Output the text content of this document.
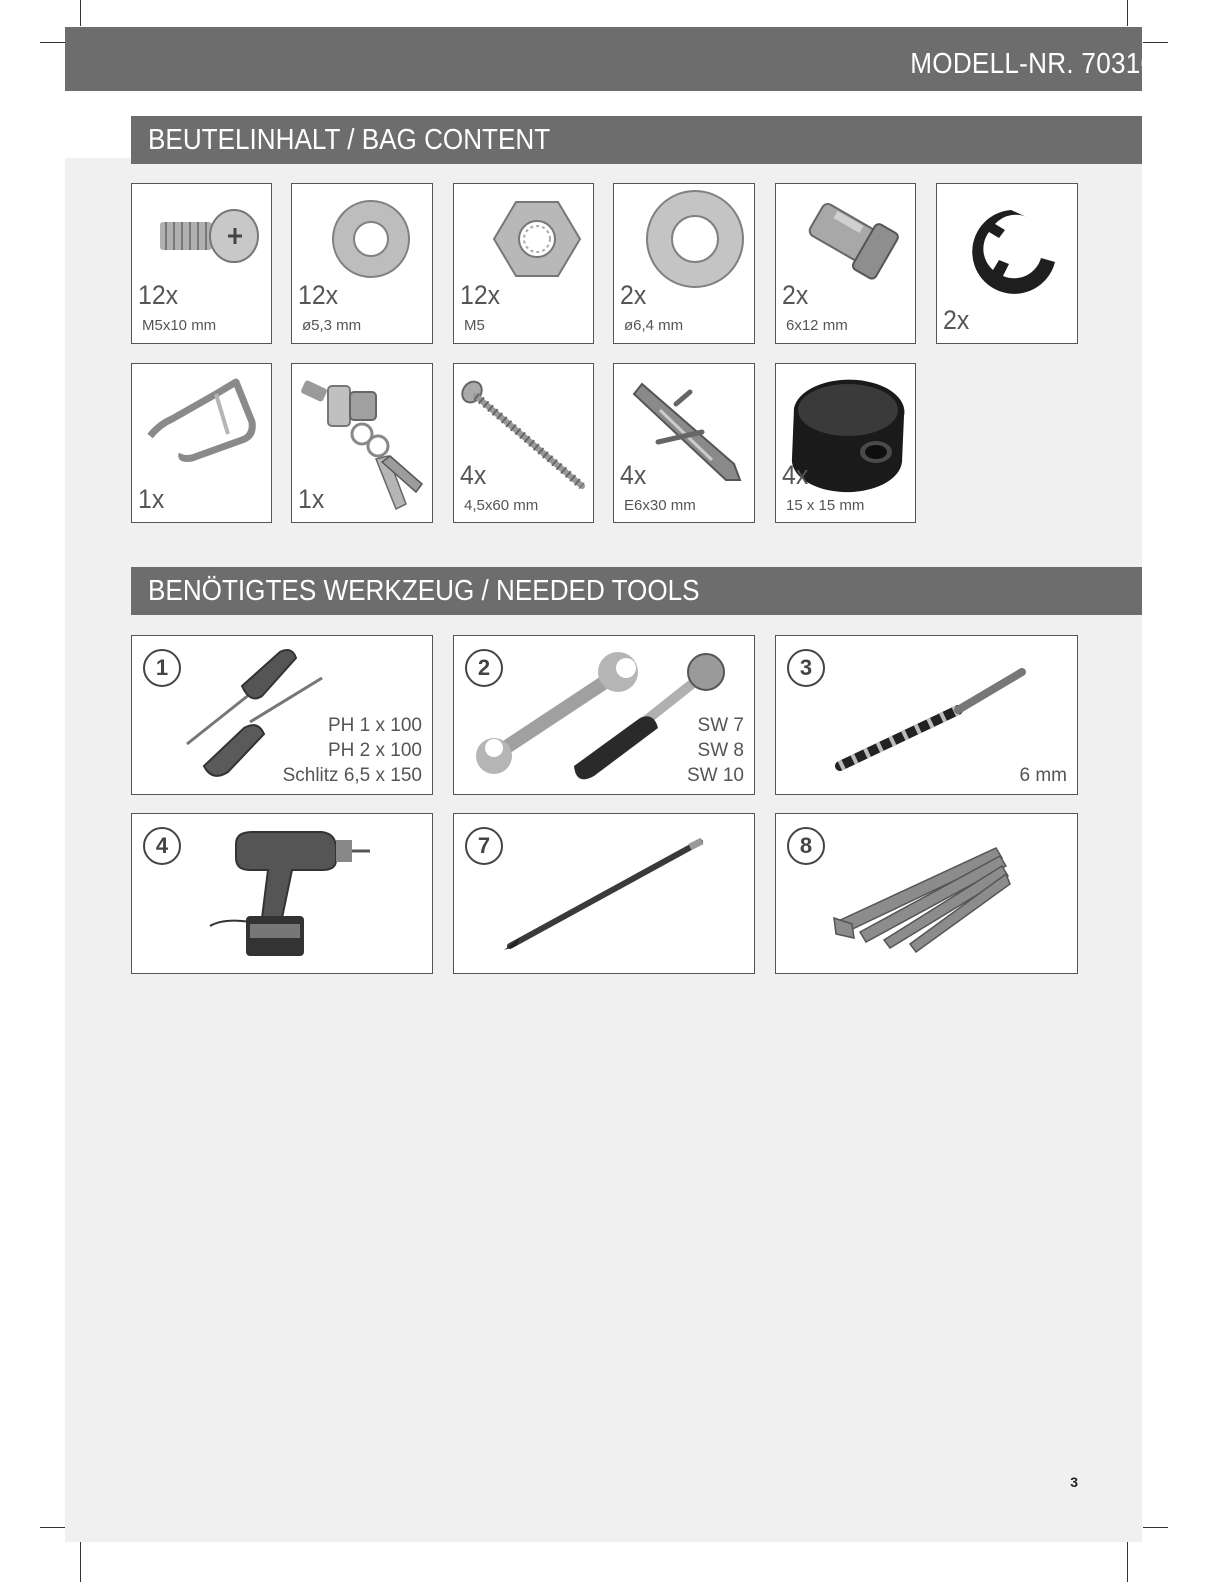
MODELL-NR. 70310
BEUTELINHALT / BAG CONTENT
12x
M5x10 mm
12x
ø5,3 mm
12x
M5
2x
ø6,4 mm
2x
6x12 mm	2x
1x	1x
4x
4,5x60 mm
4x
E6x30 mm
4x
15 x 15 mm
BENÖTIGTES WERKZEUG / NEEDED TOOLS
1
PH 1 x 100
PH 2 x 100
Schlitz 6,5 x 150
2
SW 7
SW 8
SW 10
3
6 mm
4	7	8
3
